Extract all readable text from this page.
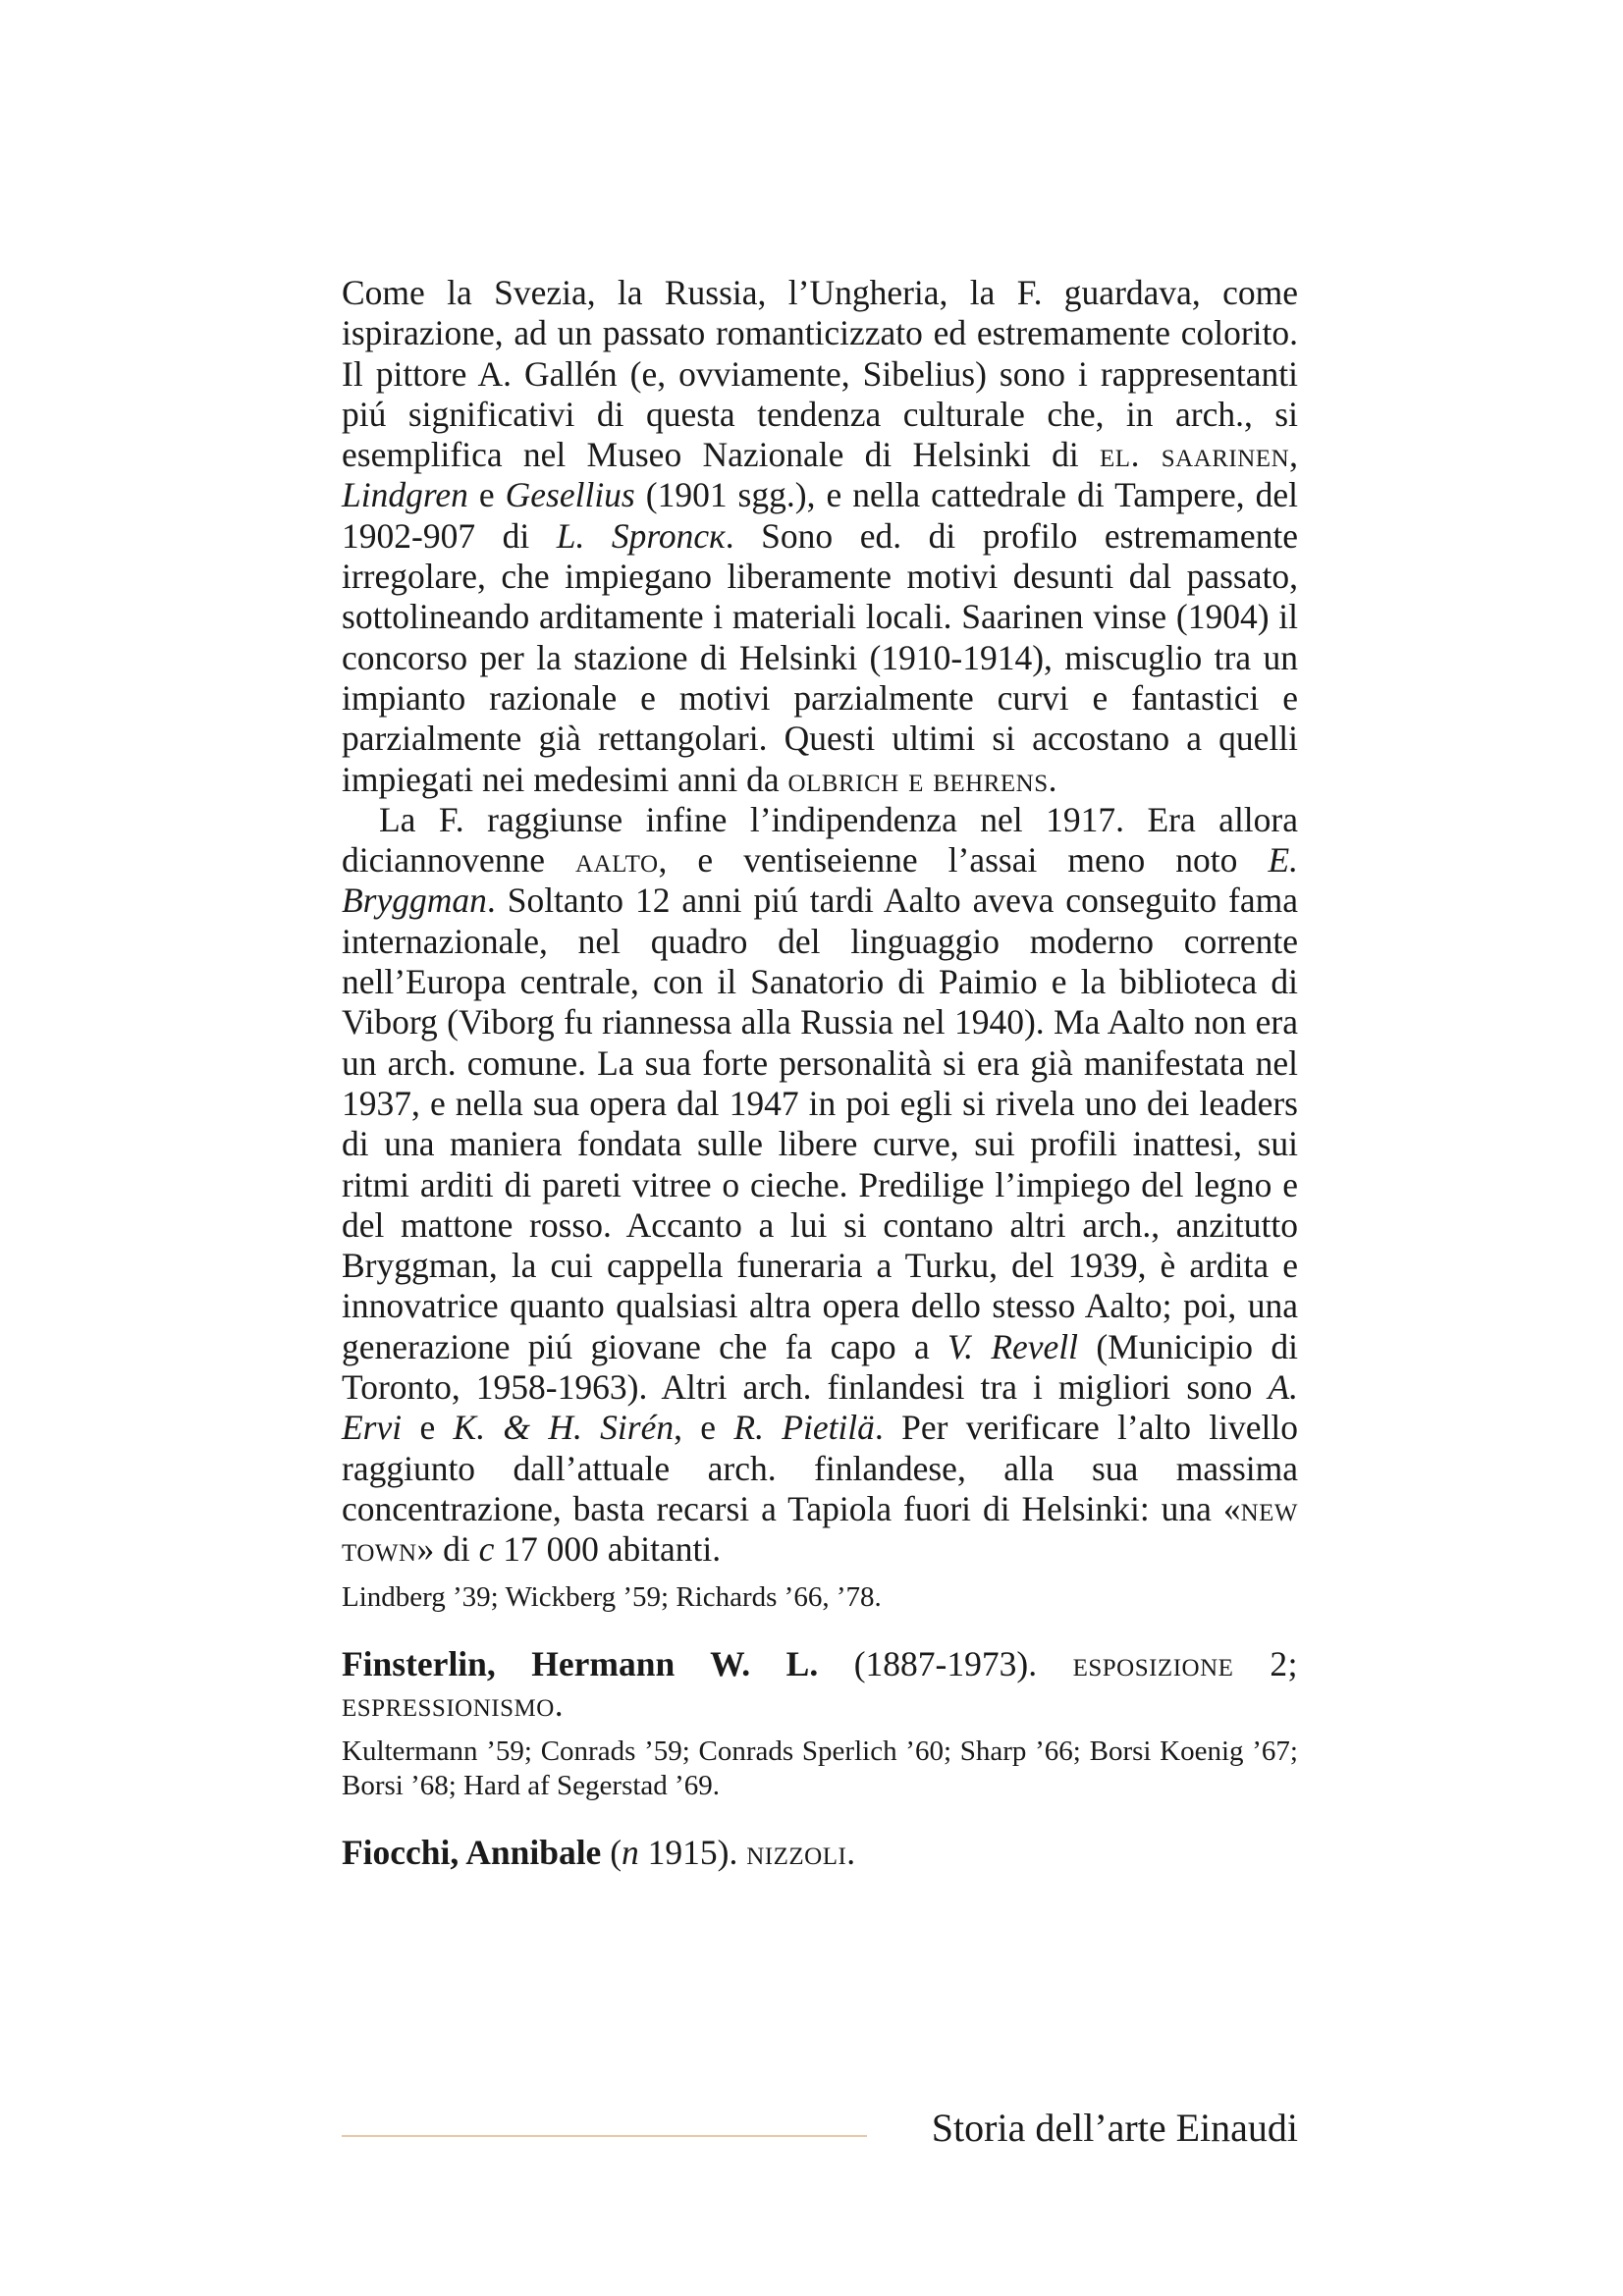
Come la Svezia, la Russia, l’Ungheria, la F. guardava, come ispirazione, ad un passato romanticizzato ed estremamente colorito. Il pittore A. Gallén (e, ovviamente, Sibelius) sono i rappresentanti piú significativi di questa tendenza culturale che, in arch., si esemplifica nel Museo Nazionale di Helsinki di el. saarinen, Lindgren e Gesellius (1901 sgg.), e nella cattedrale di Tampere, del 1902-907 di L. Sproncк. Sono ed. di profilo estremamente irregolare, che impiegano liberamente motivi desunti dal passato, sottolineando arditamente i materiali locali. Saarinen vinse (1904) il concorso per la stazione di Helsinki (1910-1914), miscuglio tra un impianto razionale e motivi parzialmente curvi e fantastici e parzialmente già rettangolari. Questi ultimi si accostano a quelli impiegati nei medesimi anni da olbrich e behrens.

La F. raggiunse infine l’indipendenza nel 1917. Era allora diciannovenne aalto, e ventiseienne l’assai meno noto E. Bryggman. Soltanto 12 anni piú tardi Aalto aveva conseguito fama internazionale, nel quadro del linguaggio moderno corrente nell’Europa centrale, con il Sanatorio di Paimio e la biblioteca di Viborg (Viborg fu riannessa alla Russia nel 1940). Ma Aalto non era un arch. comune. La sua forte personalità si era già manifestata nel 1937, e nella sua opera dal 1947 in poi egli si rivela uno dei leaders di una maniera fondata sulle libere curve, sui profili inattesi, sui ritmi arditi di pareti vitree o cieche. Predilige l’impiego del legno e del mattone rosso. Accanto a lui si contano altri arch., anzitutto Bryggman, la cui cappella funeraria a Turku, del 1939, è ardita e innovatrice quanto qualsiasi altra opera dello stesso Aalto; poi, una generazione piú giovane che fa capo a V. Revell (Municipio di Toronto, 1958-1963). Altri arch. finlandesi tra i migliori sono A. Ervi e K. & H. Sirén, e R. Pietilä. Per verificare l’alto livello raggiunto dall’attuale arch. finlandese, alla sua massima concentrazione, basta recarsi a Tapiola fuori di Helsinki: una «new town» di c 17 000 abitanti.

Lindberg ’39; Wickberg ’59; Richards ’66, ’78.

Finsterlin, Hermann W. L. (1887-1973). esposizione 2; espressionismo.

Kultermann ’59; Conrads ’59; Conrads Sperlich ’60; Sharp ’66; Borsi Koenig ’67; Borsi ’68; Hard af Segerstad ’69.

Fiocchi, Annibale (n 1915). nizzoli.

Storia dell’arte Einaudi
